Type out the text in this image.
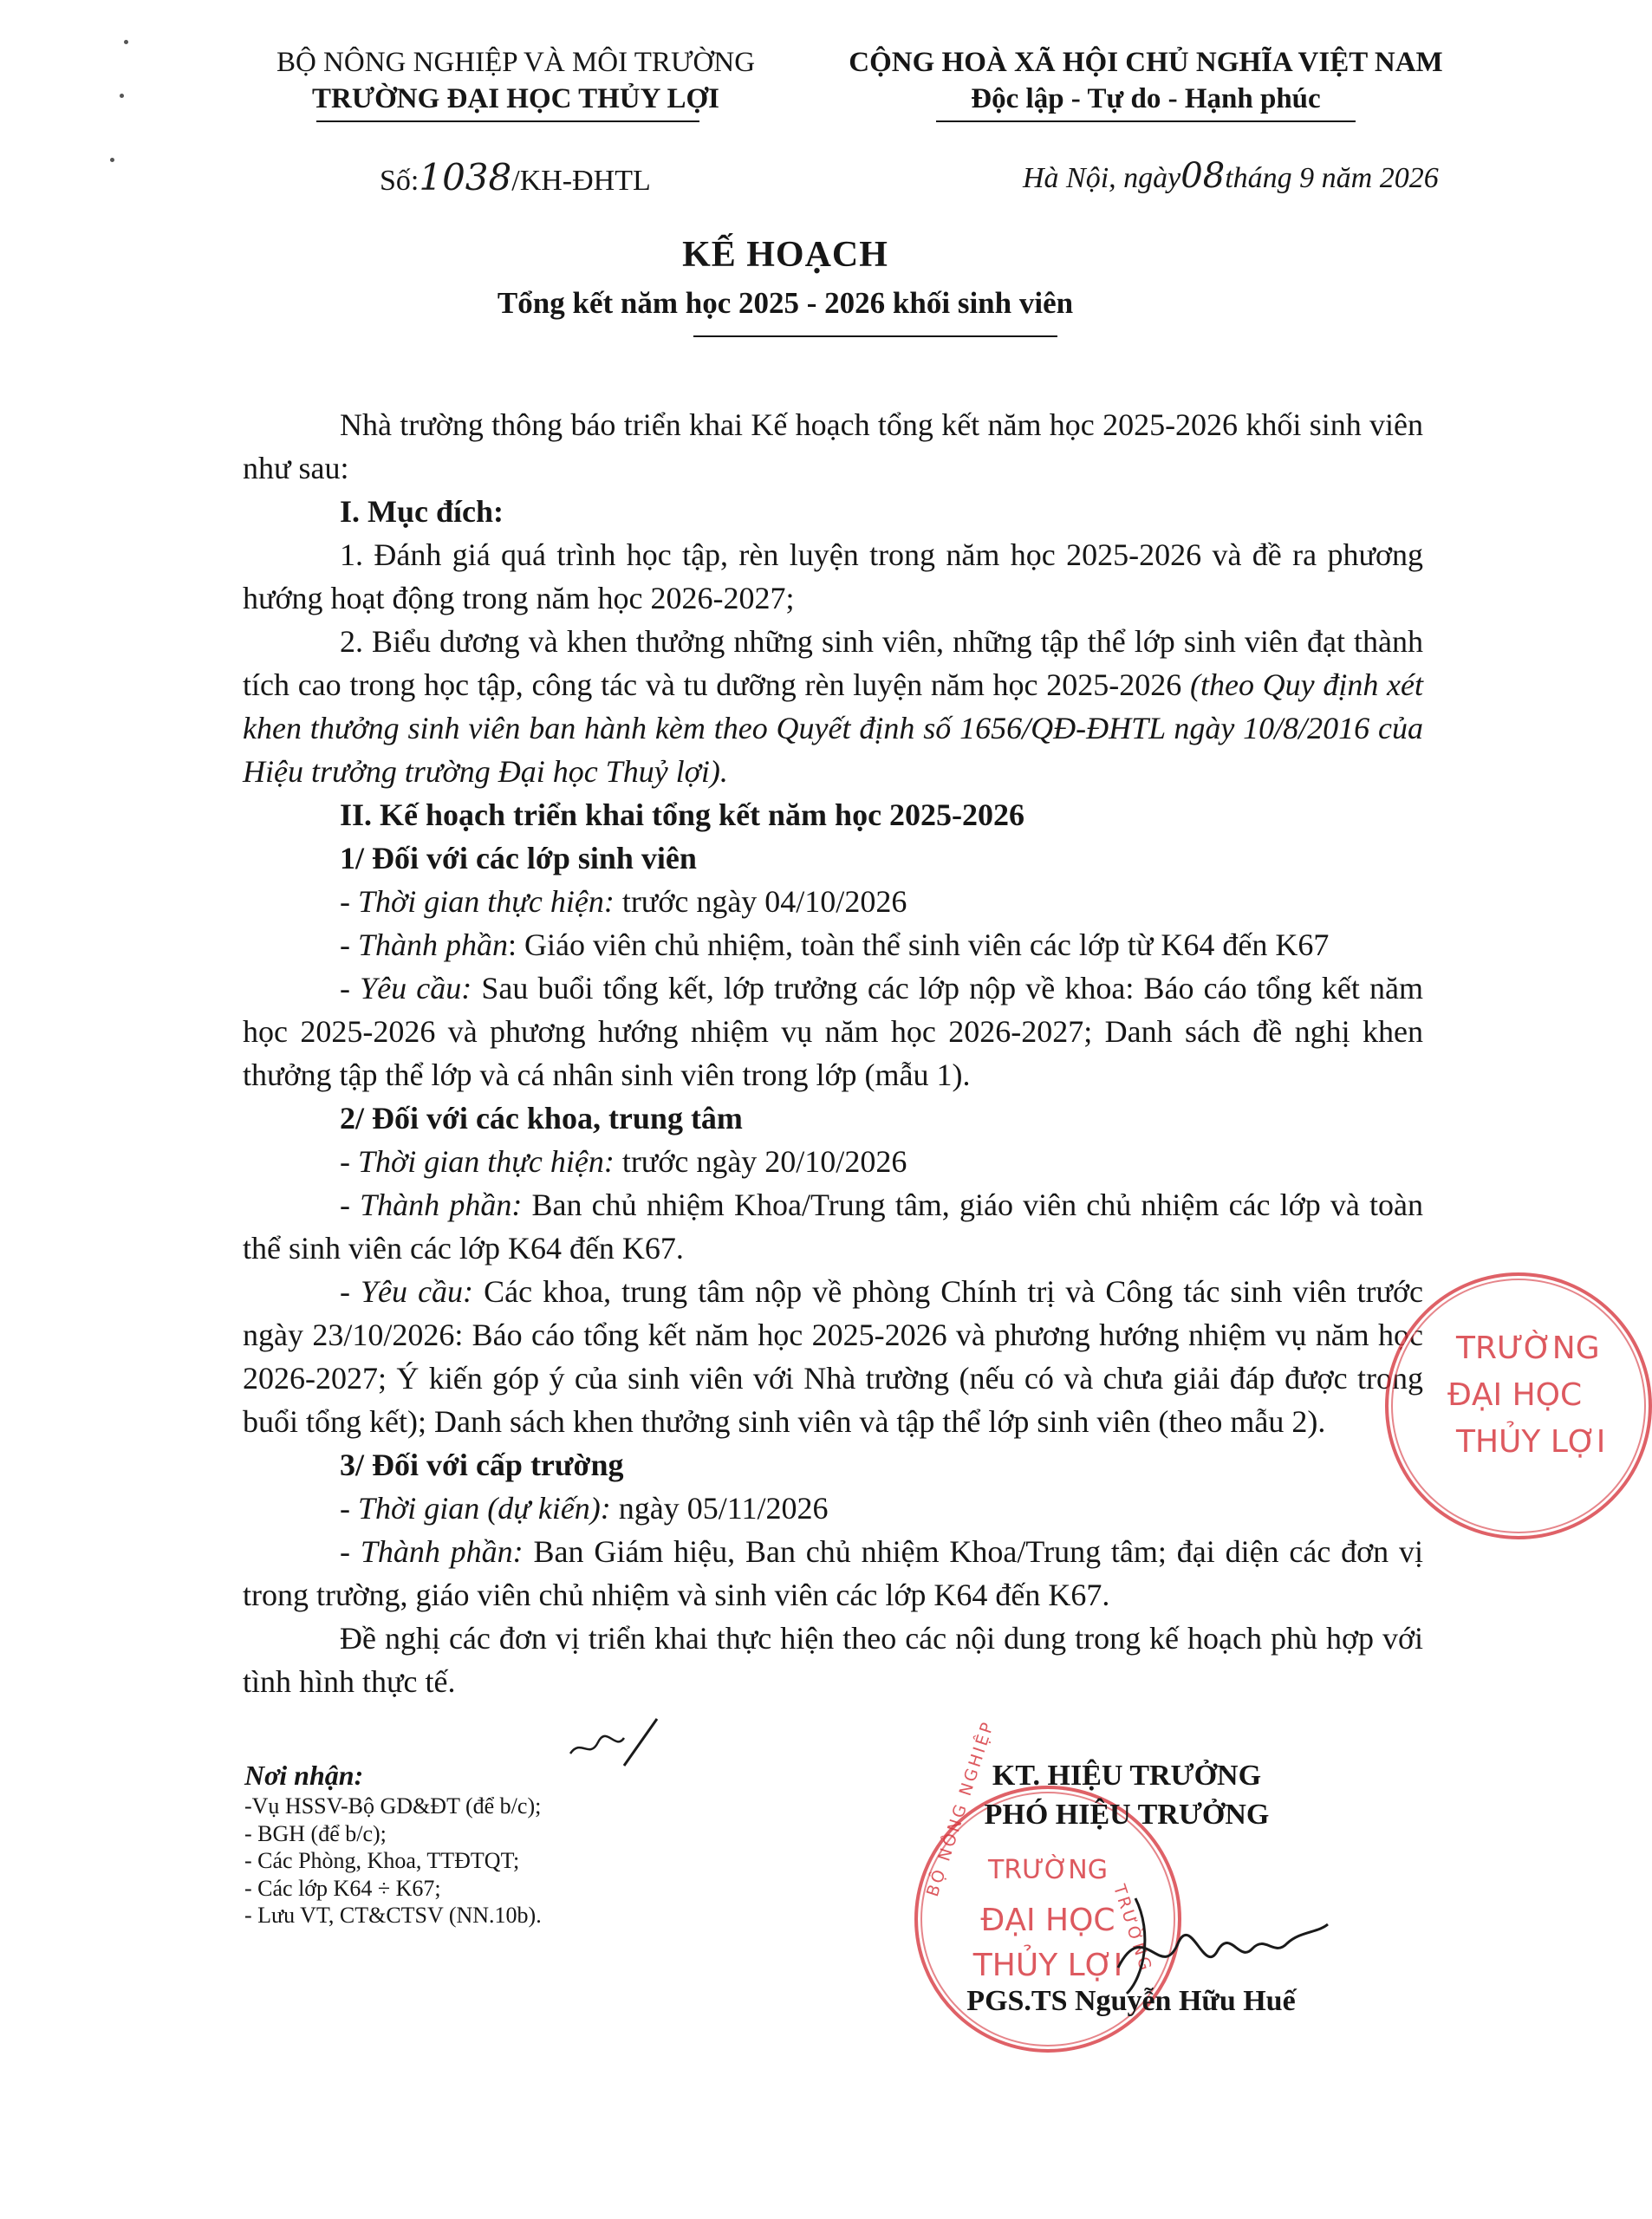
BỘ NÔNG NGHIỆP VÀ MÔI TRƯỜNG
TRƯỜNG ĐẠI HỌC THỦY LỢI
CỘNG HOÀ XÃ HỘI CHỦ NGHĨA VIỆT NAM
Độc lập - Tự do - Hạnh phúc
Số:1038/KH-ĐHTL	Hà Nội, ngày08tháng 9 năm 2026
KẾ HOẠCH
Tổng kết năm học 2025 - 2026 khối sinh viên

Nhà trường thông báo triển khai Kế hoạch tổng kết năm học 2025-2026 khối sinh viên như sau:

I. Mục đích:

1. Đánh giá quá trình học tập, rèn luyện trong năm học 2025-2026 và đề ra phương hướng hoạt động trong năm học 2026-2027;

2. Biểu dương và khen thưởng những sinh viên, những tập thể lớp sinh viên đạt thành tích cao trong học tập, công tác và tu dưỡng rèn luyện năm học 2025-2026 (theo Quy định xét khen thưởng sinh viên ban hành kèm theo Quyết định số 1656/QĐ-ĐHTL ngày 10/8/2016 của Hiệu trưởng trường Đại học Thuỷ lợi).

II. Kế hoạch triển khai tổng kết năm học 2025-2026

1/ Đối với các lớp sinh viên

- Thời gian thực hiện: trước ngày 04/10/2026

- Thành phần: Giáo viên chủ nhiệm, toàn thể sinh viên các lớp từ K64 đến K67

- Yêu cầu: Sau buổi tổng kết, lớp trưởng các lớp nộp về khoa: Báo cáo tổng kết năm học 2025-2026 và phương hướng nhiệm vụ năm học 2026-2027; Danh sách đề nghị khen thưởng tập thể lớp và cá nhân sinh viên trong lớp (mẫu 1).

2/ Đối với các khoa, trung tâm

- Thời gian thực hiện: trước ngày 20/10/2026

- Thành phần: Ban chủ nhiệm Khoa/Trung tâm, giáo viên chủ nhiệm các lớp và toàn thể sinh viên các lớp K64 đến K67.

- Yêu cầu: Các khoa, trung tâm nộp về phòng Chính trị và Công tác sinh viên trước ngày 23/10/2026: Báo cáo tổng kết năm học 2025-2026 và phương hướng nhiệm vụ năm học 2026-2027; Ý kiến góp ý của sinh viên với Nhà trường (nếu có và chưa giải đáp được trong buổi tổng kết); Danh sách khen thưởng sinh viên và tập thể lớp sinh viên (theo mẫu 2).

3/ Đối với cấp trường

- Thời gian (dự kiến): ngày 05/11/2026

- Thành phần: Ban Giám hiệu, Ban chủ nhiệm Khoa/Trung tâm; đại diện các đơn vị trong trường, giáo viên chủ nhiệm và sinh viên các lớp K64 đến K67.

Đề nghị các đơn vị triển khai thực hiện theo các nội dung trong kế hoạch phù hợp với tình hình thực tế.

Nơi nhận:
-Vụ HSSV-Bộ GD&ĐT (để b/c);
- BGH (để b/c);
- Các Phòng, Khoa, TTĐTQT;
- Các lớp K64 ÷ K67;
- Lưu VT, CT&CTSV (NN.10b).
TRƯỜNG
ĐẠI HỌC
THỦY LỢI
BỘ NÔNG NGHIỆP
TRƯỜNG
TRƯỜNG
ĐẠI HỌC
THỦY LỢI
KT. HIỆU TRƯỞNG
PHÓ HIỆU TRƯỞNG
PGS.TS Nguyễn Hữu Huế
